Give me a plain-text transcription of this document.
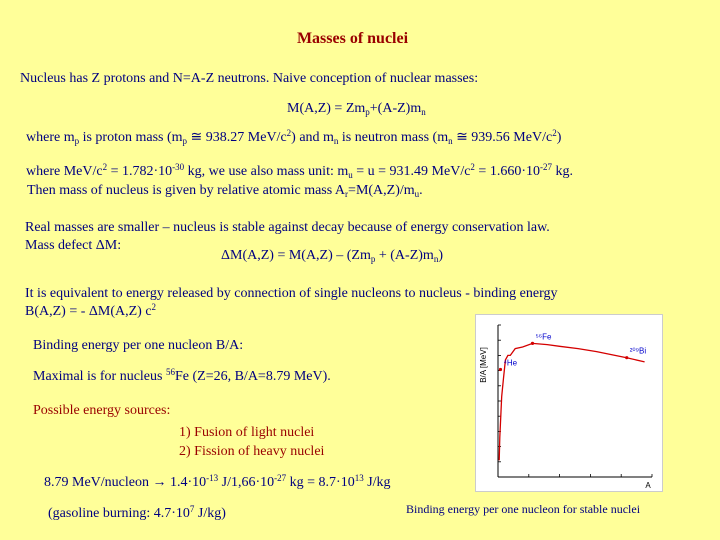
Masses of nuclei
Nucleus has Z protons and N=A-Z neutrons. Naive conception of nuclear masses:
$M(A,Z) = Zm_p+(A-Z)m_n$
where $m_p$ is proton mass ($m_p$ ≅ 938.27 MeV/$c^2$) and $m_n$ is neutron mass ($m_n$ ≅ 939.56 MeV/$c^2$)
where MeV/$c^2 = 1.782\cdot 10^{-30}$ kg, we use also mass unit: $m_u = u = 931.49$ MeV/$c^2 = 1.660\cdot 10^{-27}$ kg.
Then mass of nucleus is given by relative atomic mass $A_r=M(A,Z)/m_u$.
Real masses are smaller – nucleus is stable against decay because of energy conservation law.
Mass defect ΔM:
$\Delta M(A,Z) = M(A,Z) - (Zm_p + (A-Z)m_n)$
It is equivalent to energy released by connection of single nucleons to nucleus - binding energy
B(A,Z) = - ΔM(A,Z) $c^2$
Binding energy per one nucleon B/A:
Maximal is for nucleus $^{56}$Fe (Z=26, B/A=8.79 MeV).
Possible energy sources:
1) Fusion of light nuclei
2) Fission of heavy nuclei
8.79 MeV/nucleon → $1.4\cdot 10^{-13}$ $J/1,66\cdot 10^{-27}$ kg = $8.7\cdot 10^{13}$ J/kg
(gasoline burning: $4.7\cdot 10^7$ J/kg)	Binding energy per one nucleon for stable nuclei
B/A [MeV]
A
⁴He
⁵⁶Fe
²⁰⁹Bi
